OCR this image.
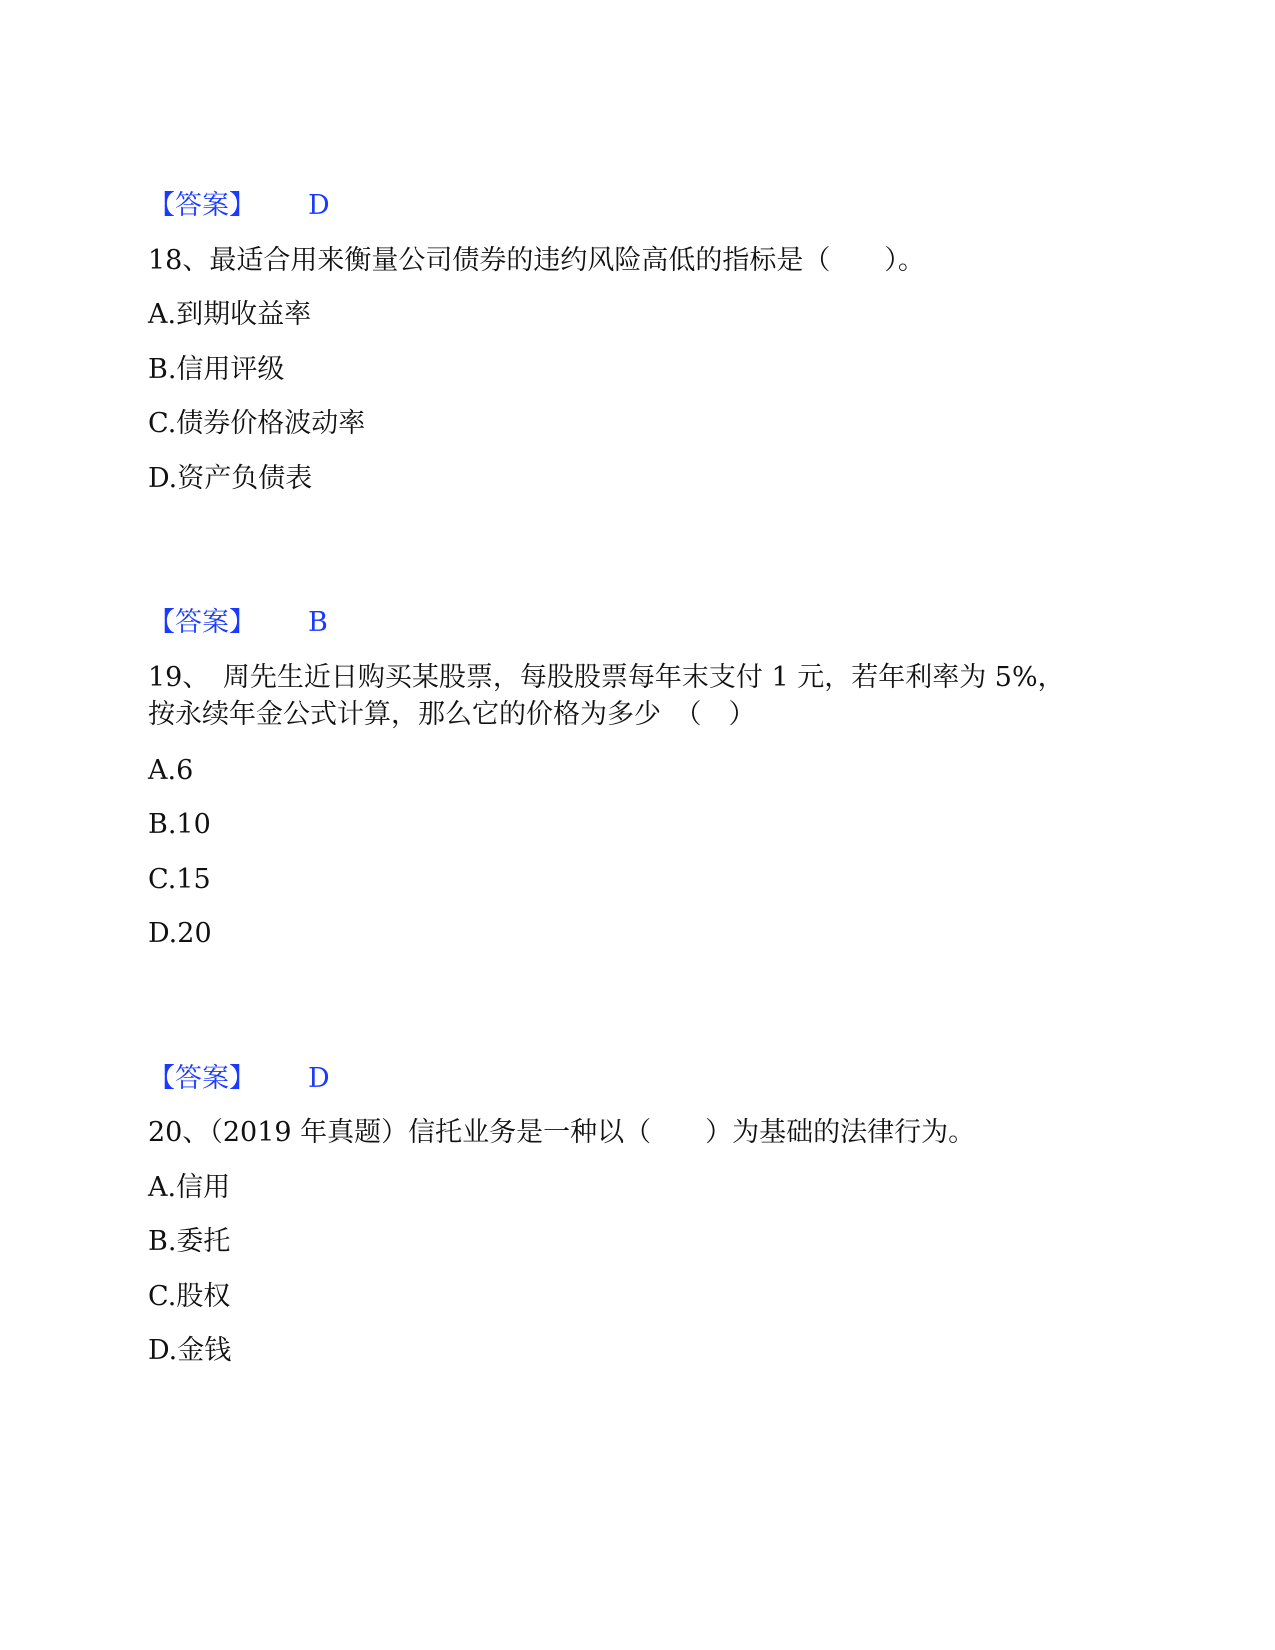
【答案】 D
18、最适合用来衡量公司债券的违约风险高低的指标是（　　）。
A.到期收益率
B.信用评级
C.债券价格波动率
D.资产负债表
【答案】 B
19、　周先生近日购买某股票，每股股票每年末支付 1 元，若年利率为 5%，
按永续年金公式计算，那么它的价格为多少　（　）
A.6
B.10
C.15
D.20
【答案】 D
20、（2019 年真题）信托业务是一种以（　　）为基础的法律行为。
A.信用
B.委托
C.股权
D.金钱
